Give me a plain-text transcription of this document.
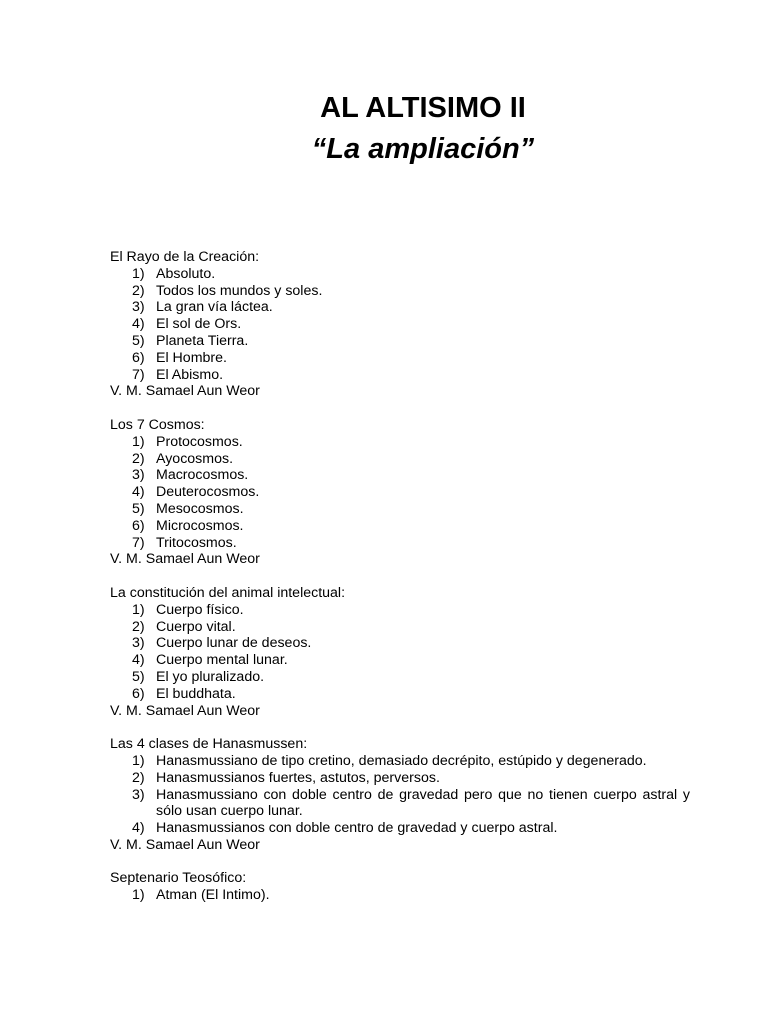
AL ALTISIMO II
“La ampliación”

El Rayo de la Creación:

1) Absoluto.
2) Todos los mundos y soles.
3) La gran vía láctea.
4) El sol de Ors.
5) Planeta Tierra.
6) El Hombre.
7) El Abismo.

V. M. Samael Aun Weor

Los 7 Cosmos:

1) Protocosmos.
2) Ayocosmos.
3) Macrocosmos.
4) Deuterocosmos.
5) Mesocosmos.
6) Microcosmos.
7) Tritocosmos.

V. M. Samael Aun Weor

La constitución del animal intelectual:

1) Cuerpo físico.
2) Cuerpo vital.
3) Cuerpo lunar de deseos.
4) Cuerpo mental lunar.
5) El yo pluralizado.
6) El buddhata.

V. M. Samael Aun Weor

Las 4 clases de Hanasmussen:

1) Hanasmussiano de tipo cretino, demasiado decrépito, estúpido y degenerado.
2) Hanasmussianos fuertes, astutos, perversos.
3) Hanasmussiano con doble centro de gravedad pero que no tienen cuerpo astral y sólo usan cuerpo lunar.
4) Hanasmussianos con doble centro de gravedad y cuerpo astral.

V. M. Samael Aun Weor

Septenario Teosófico:

1) Atman (El Intimo).
